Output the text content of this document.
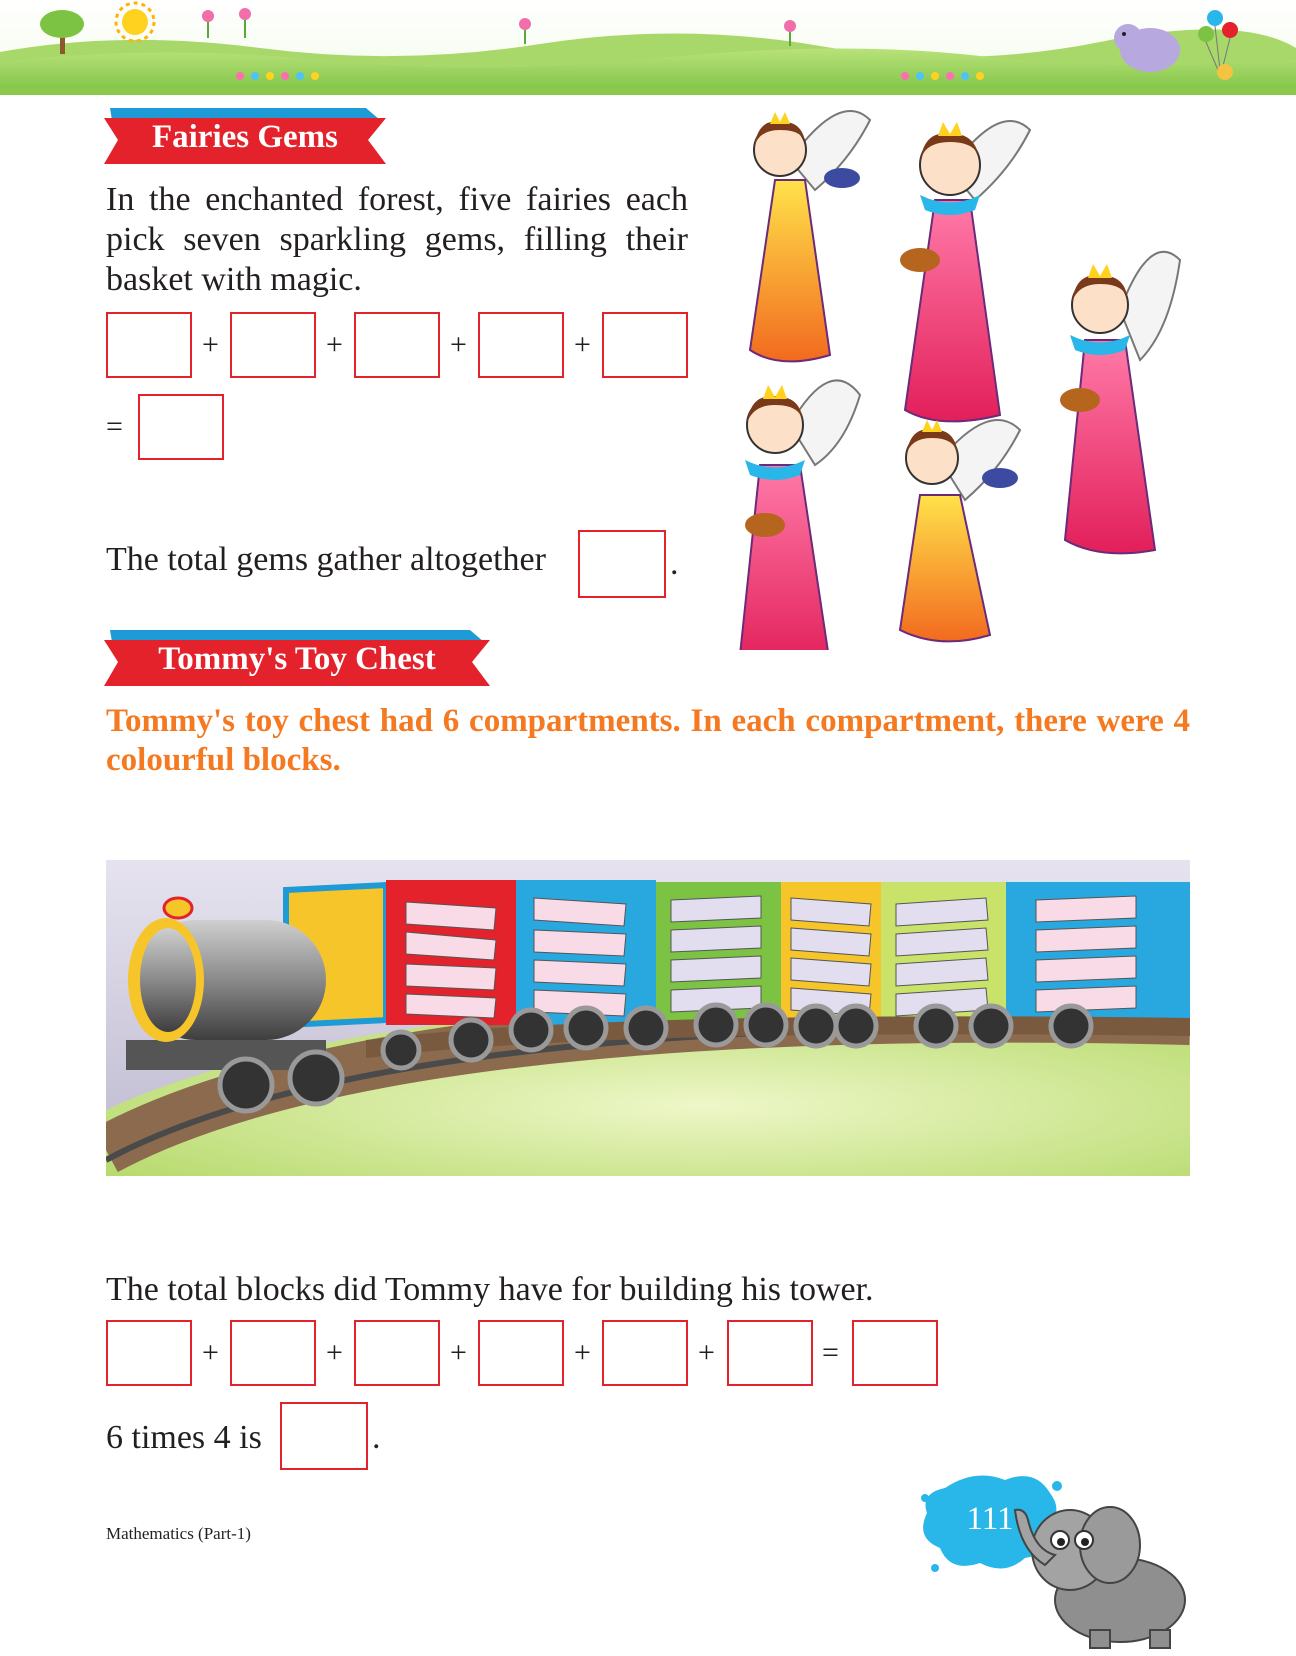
Fairies Gems
In the enchanted forest, five fairies each pick seven sparkling gems, filling their basket with magic.
+	+	+	+
=
The total gems gather altogether	.
Tommy's Toy Chest
Tommy's toy chest had 6 compartments. In each compartment, there were 4 colourful blocks.
The total blocks did Tommy have for building his tower.
+	+	+	+	+	=
6 times 4 is	.
Mathematics (Part-1)	111
